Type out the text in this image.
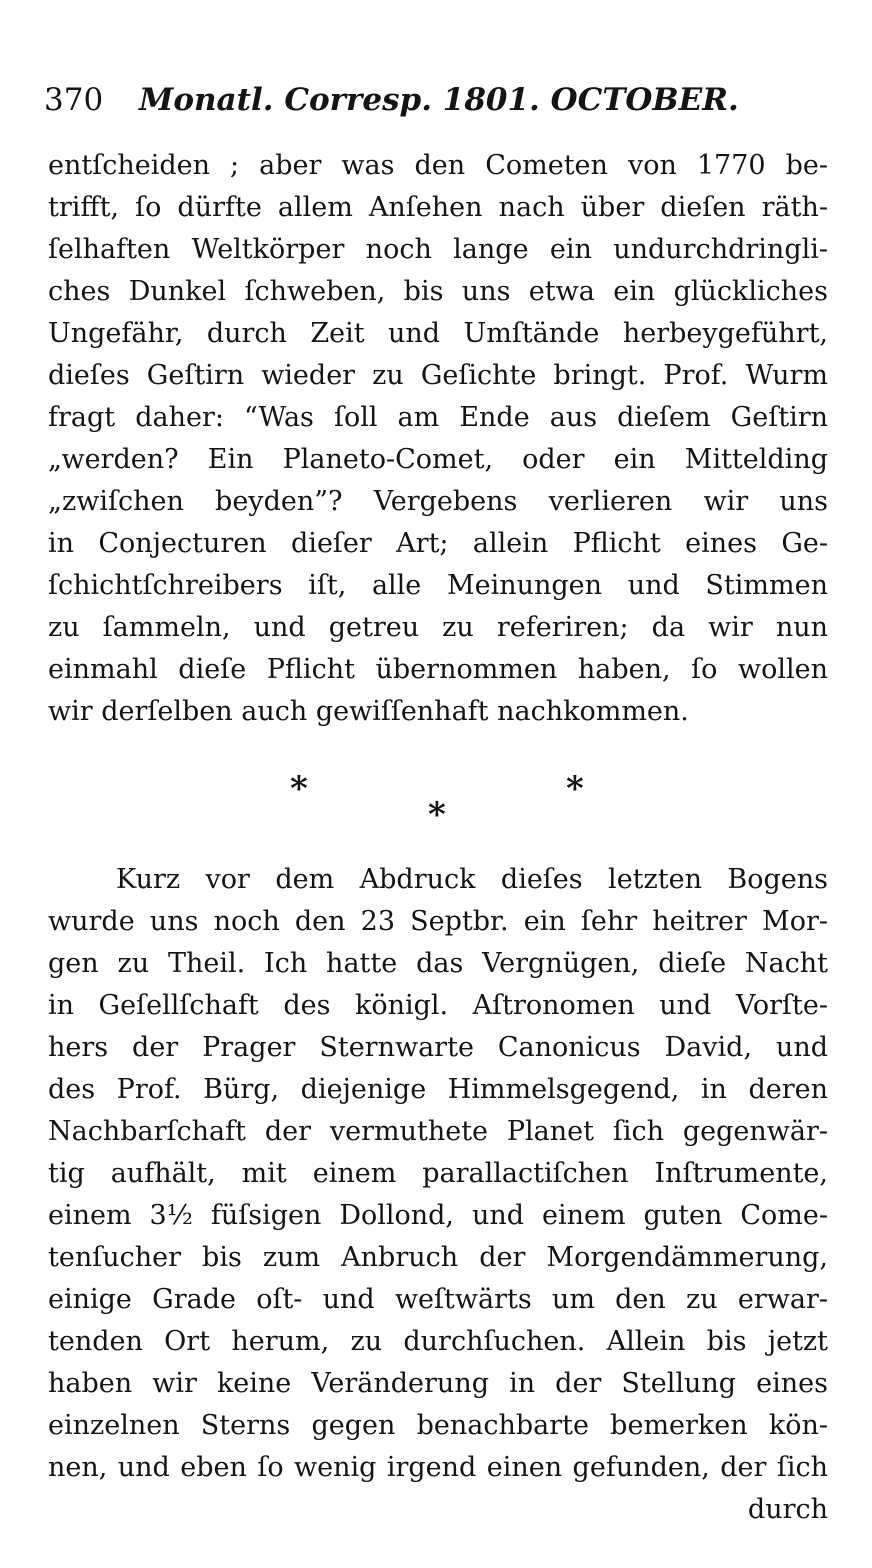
370 Monatl. Corresp. 1801. OCTOBER.
entſcheiden ; aber was den Cometen von 1770 be-
trifft, ſo dürfte allem Anſehen nach über dieſen räth-
ſelhaften Weltkörper noch lange ein undurchdringli-
ches Dunkel ſchweben, bis uns etwa ein glückliches
Ungefähr, durch Zeit und Umſtände herbeygeführt,
dieſes Geſtirn wieder zu Geſichte bringt. Prof. Wurm
fragt daher: “Was ſoll am Ende aus dieſem Geſtirn
„werden? Ein Planeto-Comet, oder ein Mittelding
„zwiſchen beyden”? Vergebens verlieren wir uns
in Conjecturen dieſer Art; allein Pflicht eines Ge-
ſchichtſchreibers iſt, alle Meinungen und Stimmen
zu ſammeln, und getreu zu referiren; da wir nun
einmahl dieſe Pflicht übernommen haben, ſo wollen
wir derſelben auch gewiſſenhaft nachkommen.
*	*
*
Kurz vor dem Abdruck dieſes letzten Bogens
wurde uns noch den 23 Septbr. ein ſehr heitrer Mor-
gen zu Theil. Ich hatte das Vergnügen, dieſe Nacht
in Geſellſchaft des königl. Aſtronomen und Vorſte-
hers der Prager Sternwarte Canonicus David, und
des Prof. Bürg, diejenige Himmelsgegend, in deren
Nachbarſchaft der vermuthete Planet ſich gegenwär-
tig aufhält, mit einem parallactiſchen Inſtrumente,
einem 3½ füſsigen Dollond, und einem guten Come-
tenſucher bis zum Anbruch der Morgendämmerung,
einige Grade oſt- und weſtwärts um den zu erwar-
tenden Ort herum, zu durchſuchen. Allein bis jetzt
haben wir keine Veränderung in der Stellung eines
einzelnen Sterns gegen benachbarte bemerken kön-
nen, und eben ſo wenig irgend einen gefunden, der ſich
durch
